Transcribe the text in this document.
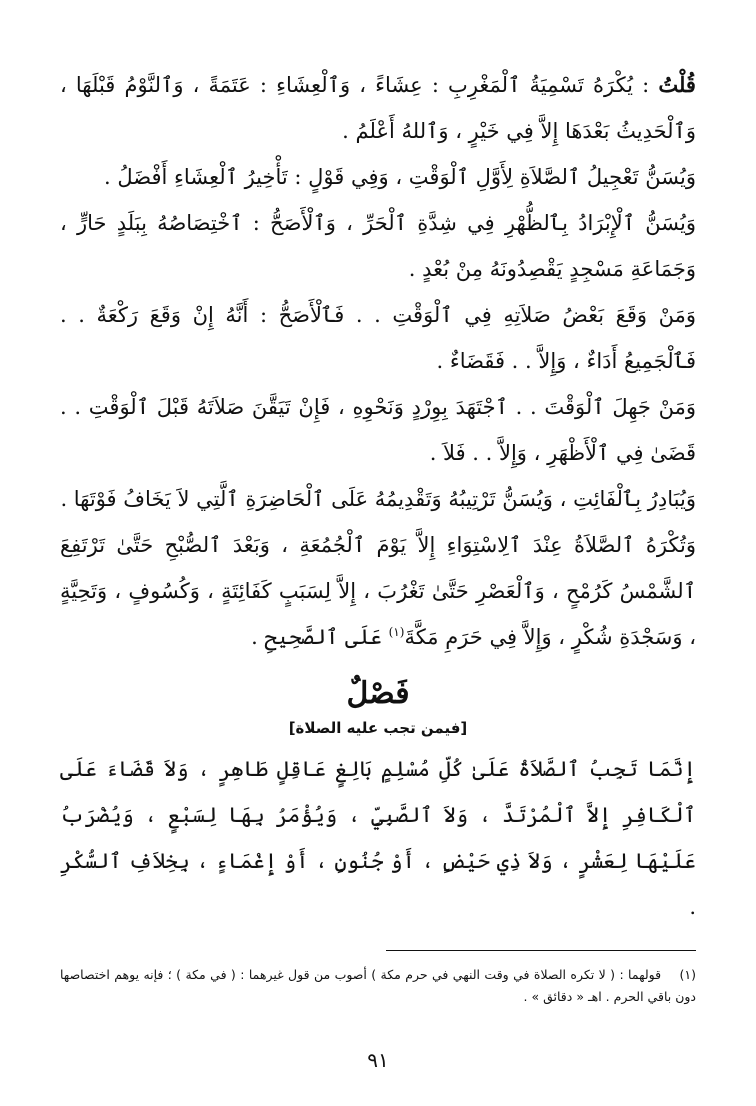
قُلْتُ : يُكْرَهُ تَسْمِيَةُ ٱلْمَغْرِبِ : عِشَاءً ، وَٱلْعِشَاءِ : عَتَمَةً ، وَٱلنَّوْمُ قَبْلَهَا ، وَٱلْحَدِيثُ بَعْدَهَا إِلاَّ فِي خَيْرٍ ، وَٱللهُ أَعْلَمُ .

وَيُسَنُّ تَعْجِيلُ ٱلصَّلاَةِ لِأَوَّلِ ٱلْوَقْتِ ، وَفِي قَوْلٍ : تَأْخِيرُ ٱلْعِشَاءِ أَفْضَلُ .

وَيُسَنُّ ٱلْإِبْرَادُ بِٱلظُّهْرِ فِي شِدَّةِ ٱلْحَرِّ ، وَٱلْأَصَحُّ : ٱخْتِصَاصُهُ بِبَلَدٍ حَارٍّ ، وَجَمَاعَةِ مَسْجِدٍ يَقْصِدُونَهُ مِنْ بُعْدٍ .

وَمَنْ وَقَعَ بَعْضُ صَلاَتِهِ فِي ٱلْوَقْتِ . . فَٱلْأَصَحُّ : أَنَّهُ إِنْ وَقَعَ رَكْعَةٌ . . فَٱلْجَمِيعُ أَدَاءٌ ، وَإِلاَّ . . فَقَضَاءٌ .

وَمَنْ جَهِلَ ٱلْوَقْتَ . . ٱجْتَهَدَ بِوِرْدٍ وَنَحْوِهِ ، فَإِنْ تَيَقَّنَ صَلاَتَهُ قَبْلَ ٱلْوَقْتِ . . قَضَىٰ فِي ٱلْأَظْهَرِ ، وَإِلاَّ . . فَلاَ .

وَيُبَادِرُ بِٱلْفَائِتِ ، وَيُسَنُّ تَرْتِيبُهُ وَتَقْدِيمُهُ عَلَى ٱلْحَاضِرَةِ ٱلَّتِي لاَ يَخَافُ فَوْتَهَا .

وَتُكْرَهُ ٱلصَّلاَةُ عِنْدَ ٱلِاسْتِوَاءِ إِلاَّ يَوْمَ ٱلْجُمُعَةِ ، وَبَعْدَ ٱلصُّبْحِ حَتَّىٰ تَرْتَفِعَ ٱلشَّمْسُ كَرُمْحٍ ، وَٱلْعَصْرِ حَتَّىٰ تَغْرُبَ ، إِلاَّ لِسَبَبٍ كَفَائِتَةٍ ، وَكُسُوفٍ ، وَتَحِيَّةٍ ، وَسَجْدَةِ شُكْرٍ ، وَإِلاَّ فِي حَرَمِ مَكَّةَ$^{(١)}$ عَلَى ٱلصَّحِيحِ .

فَصْلٌ
[فيمن تجب عليه الصلاة]

إِنَّمَا تَجِبُ ٱلصَّلاَةُ عَلَىٰ كُلِّ مُسْلِمٍ بَالِغٍ عَاقِلٍ طَاهِرٍ ، وَلاَ قَضَاءَ عَلَى ٱلْكَافِرِ إِلاَّ ٱلْمُرْتَدَّ ، وَلاَ ٱلصَّبِيِّ ، وَيُؤْمَرُ بِهَا لِسَبْعٍ ، وَيُضْرَبُ عَلَيْهَا لِعَشْرٍ ، وَلاَ ذِي حَيْضٍ ، أَوْ جُنُونٍ ، أَوْ إِغْمَاءٍ ، بِخِلاَفِ ٱلسُّكْرِ .

(١) قولهما : ( لا تكره الصلاة في وقت النهي في حرم مكة ) أصوب من قول غيرهما : ( في مكة ) ؛ فإنه يوهم اختصاصها دون باقي الحرم . اهـ « دقائق » .

٩١
